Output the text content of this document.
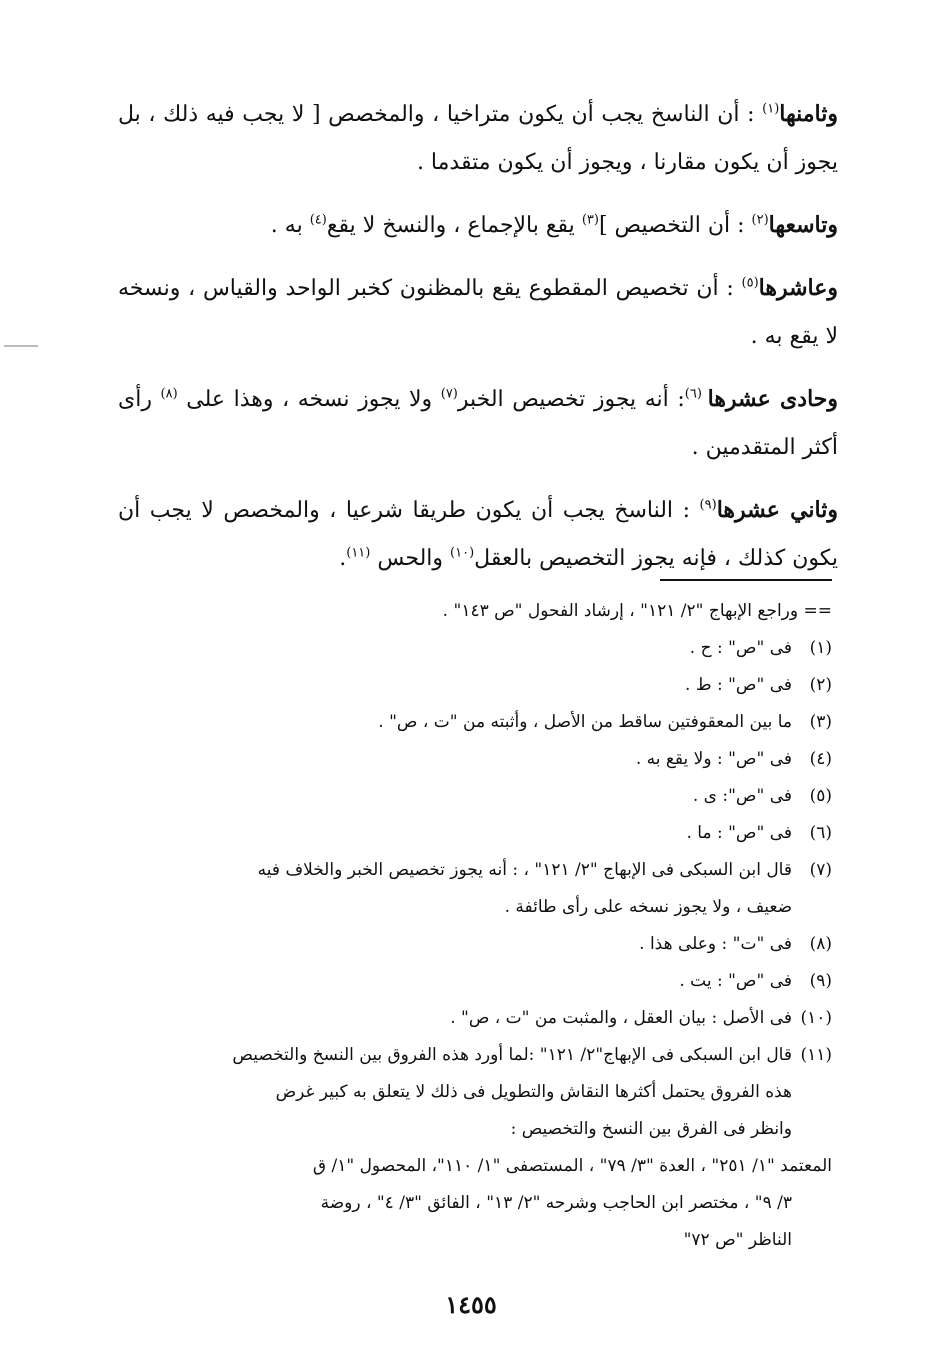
وثامنها$^{(١)}$ : أن الناسخ يجب أن يكون متراخيا ، والمخصص [ لا يجب فيه ذلك ، بل يجوز أن يكون مقارنا ، ويجوز أن يكون متقدما .

وتاسعها$^{(٢)}$ : أن التخصيص ]$^{(٣)}$ يقع بالإجماع ، والنسخ لا يقع$^{(٤)}$ به .

وعاشرها$^{(٥)}$ : أن تخصيص المقطوع يقع بالمظنون كخبر الواحد والقياس ، ونسخه لا يقع به .

وحادى عشرها $^{(٦)}$: أنه يجوز تخصيص الخبر$^{(٧)}$ ولا يجوز نسخه ، وهذا على $^{(٨)}$ رأى أكثر المتقدمين .

وثاني عشرها$^{(٩)}$ : الناسخ يجب أن يكون طريقا شرعيا ، والمخصص لا يجب أن يكون كذلك ، فإنه يجوز التخصيص بالعقل$^{(١٠)}$ والحس $^{(١١)}$.

== وراجع الإبهاج "٢/ ١٢١" ، إرشاد الفحول "ص ١٤٣" .

(١)فى "ص" : ح .

(٢)فى "ص" : ط .

(٣)ما بين المعقوفتين ساقط من الأصل ، وأثبته من "ت ، ص" .

(٤)فى "ص" : ولا يقع به .

(٥)فى "ص": ى .

(٦)فى "ص" : ما .

(٧)قال ابن السبكى فى الإبهاج "٢/ ١٢١" ، : أنه يجوز تخصيص الخبر والخلاف فيه

ضعيف ، ولا يجوز نسخه على رأى طائفة .

(٨)فى "ت" : وعلى هذا .

(٩)فى "ص" : يت .

(١٠)فى الأصل : بيان العقل ، والمثبت من "ت ، ص" .

(١١)قال ابن السبكى فى الإبهاج"٢/ ١٢١" :لما أورد هذه الفروق بين النسخ والتخصيص

هذه الفروق يحتمل أكثرها النقاش والتطويل فى ذلك لا يتعلق به كبير غرض

وانظر فى الفرق بين النسخ والتخصيص :

المعتمد "١/ ٢٥١" ، العدة "٣/ ٧٩" ، المستصفى "١/ ١١٠"، المحصول "١/ ق

٣/ ٩" ، مختصر ابن الحاجب وشرحه "٢/ ١٣" ، الفائق "٣/ ٤" ، روضة

الناظر "ص ٧٢"

١٤٥٥
